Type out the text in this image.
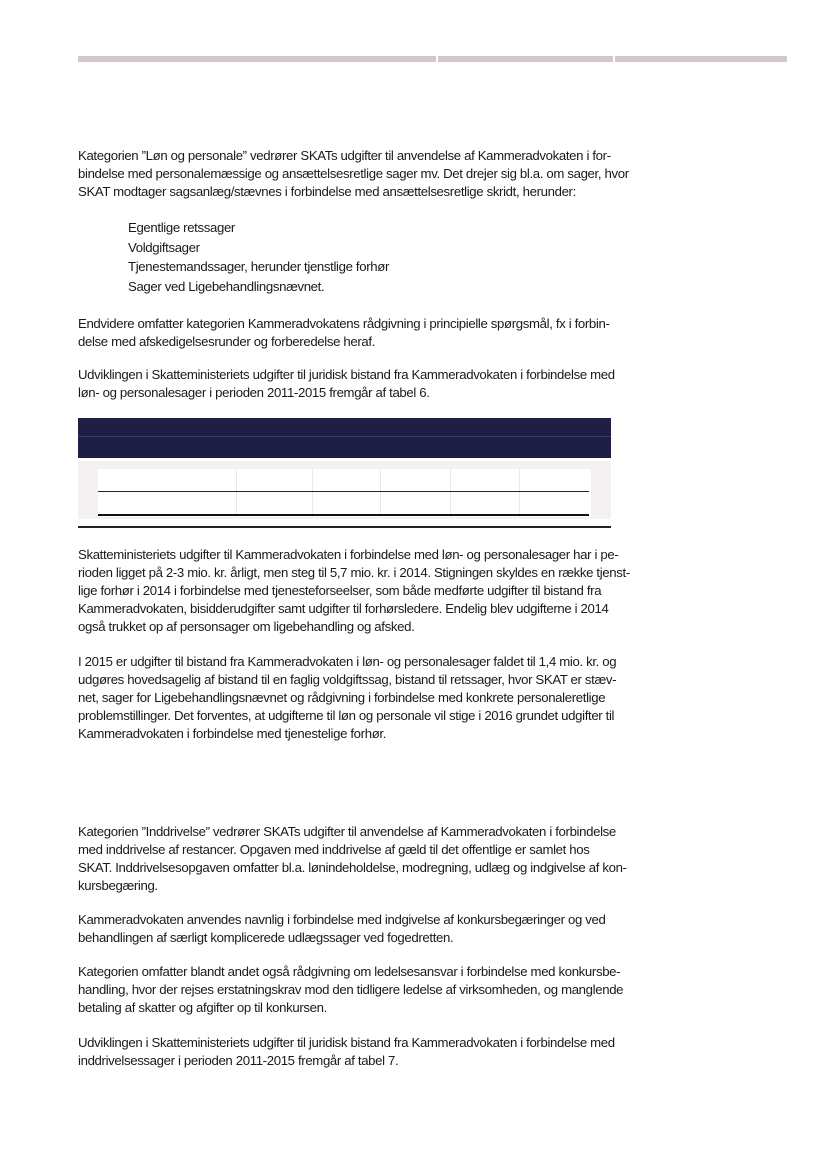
Kategorien ”Løn og personale” vedrører SKATs udgifter til anvendelse af Kammeradvokaten i for-
bindelse med personalemæssige og ansættelsesretlige sager mv. Det drejer sig bl.a. om sager, hvor
SKAT modtager sagsanlæg/stævnes i forbindelse med ansættelsesretlige skridt, herunder:
Egentlige retssager
Voldgiftsager
Tjenestemandssager, herunder tjenstlige forhør
Sager ved Ligebehandlingsnævnet.
Endvidere omfatter kategorien Kammeradvokatens rådgivning i principielle spørgsmål, fx i forbin-
delse med afskedigelsesrunder og forberedelse heraf.
Udviklingen i Skatteministeriets udgifter til juridisk bistand fra Kammeradvokaten i forbindelse med
løn- og personalesager i perioden 2011-2015 fremgår af tabel 6.
Skatteministeriets udgifter til Kammeradvokaten i forbindelse med løn- og personalesager har i pe-
rioden ligget på 2-3 mio. kr. årligt, men steg til 5,7 mio. kr. i 2014. Stigningen skyldes en række tjenst-
lige forhør i 2014 i forbindelse med tjenesteforseelser, som både medførte udgifter til bistand fra
Kammeradvokaten, bisidderudgifter samt udgifter til forhørsledere. Endelig blev udgifterne i 2014
også trukket op af personsager om ligebehandling og afsked.
I 2015 er udgifter til bistand fra Kammeradvokaten i løn- og personalesager faldet til 1,4 mio. kr. og
udgøres hovedsagelig af bistand til en faglig voldgiftssag, bistand til retssager, hvor SKAT er stæv-
net, sager for Ligebehandlingsnævnet og rådgivning i forbindelse med konkrete personaleretlige
problemstillinger. Det forventes, at udgifterne til løn og personale vil stige i 2016 grundet udgifter til
Kammeradvokaten i forbindelse med tjenestelige forhør.
Kategorien ”Inddrivelse” vedrører SKATs udgifter til anvendelse af Kammeradvokaten i forbindelse
med inddrivelse af restancer. Opgaven med inddrivelse af gæld til det offentlige er samlet hos
SKAT. Inddrivelsesopgaven omfatter bl.a. lønindeholdelse, modregning, udlæg og indgivelse af kon-
kursbegæring.
Kammeradvokaten anvendes navnlig i forbindelse med indgivelse af konkursbegæringer og ved
behandlingen af særligt komplicerede udlægssager ved fogedretten.
Kategorien omfatter blandt andet også rådgivning om ledelsesansvar i forbindelse med konkursbe-
handling, hvor der rejses erstatningskrav mod den tidligere ledelse af virksomheden, og manglende
betaling af skatter og afgifter op til konkursen.
Udviklingen i Skatteministeriets udgifter til juridisk bistand fra Kammeradvokaten i forbindelse med
inddrivelsessager i perioden 2011-2015 fremgår af tabel 7.
